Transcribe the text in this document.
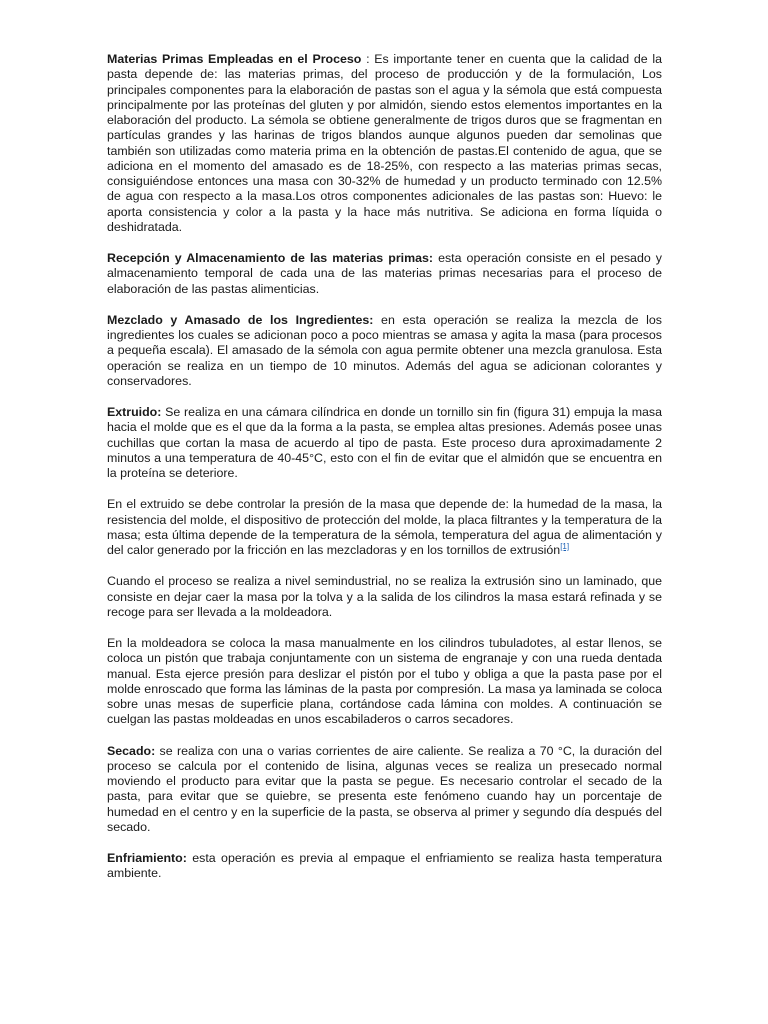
Materias Primas Empleadas en el Proceso : Es importante tener en cuenta que la calidad de la pasta depende de: las materias primas, del proceso de producción y de la formulación, Los principales componentes para la elaboración de pastas son el agua y la sémola que está compuesta principalmente por las proteínas del gluten y por almidón, siendo estos elementos importantes en la elaboración del producto. La sémola se obtiene generalmente de trigos duros que se fragmentan en partículas grandes y las harinas de trigos blandos aunque algunos pueden dar semolinas que también son utilizadas como materia prima en la obtención de pastas.El contenido de agua, que se adiciona en el momento del amasado es de 18-25%, con respecto a las materias primas secas, consiguiéndose entonces una masa con 30-32% de humedad y un producto terminado con 12.5% de agua con respecto a la masa.Los otros componentes adicionales de las pastas son: Huevo: le aporta consistencia y color a la pasta y la hace más nutritiva. Se adiciona en forma líquida o deshidratada.

Recepción y Almacenamiento de las materias primas: esta operación consiste en el pesado y almacenamiento temporal de cada una de las materias primas necesarias para el proceso de elaboración de las pastas alimenticias.

Mezclado y Amasado de los Ingredientes: en esta operación se realiza la mezcla de los ingredientes los cuales se adicionan poco a poco mientras se amasa y agita la masa (para procesos a pequeña escala). El amasado de la sémola con agua permite obtener una mezcla granulosa. Esta operación se realiza en un tiempo de 10 minutos. Además del agua se adicionan colorantes y conservadores.

Extruido: Se realiza en una cámara cilíndrica en donde un tornillo sin fin (figura 31) empuja la masa hacia el molde que es el que da la forma a la pasta, se emplea altas presiones. Además posee unas cuchillas que cortan la masa de acuerdo al tipo de pasta. Este proceso dura aproximadamente 2 minutos a una temperatura de 40-45°C, esto con el fin de evitar que el almidón que se encuentra en la proteína se deteriore.

En el extruido se debe controlar la presión de la masa que depende de: la humedad de la masa, la resistencia del molde, el dispositivo de protección del molde, la placa filtrantes y la temperatura de la masa; esta última depende de la temperatura de la sémola, temperatura del agua de alimentación y del calor generado por la fricción en las mezcladoras y en los tornillos de extrusión[1]

Cuando el proceso se realiza a nivel semindustrial, no se realiza la extrusión sino un laminado, que consiste en dejar caer la masa por la tolva y a la salida de los cilindros la masa estará refinada y se recoge para ser llevada a la moldeadora.

En la moldeadora se coloca la masa manualmente en los cilindros tubuladotes, al estar llenos, se coloca un pistón que trabaja conjuntamente con un sistema de engranaje y con una rueda dentada manual. Esta ejerce presión para deslizar el pistón por el tubo y obliga a que la pasta pase por el molde enroscado que forma las láminas de la pasta por compresión. La masa ya laminada se coloca sobre unas mesas de superficie plana, cortándose cada lámina con moldes. A continuación se cuelgan las pastas moldeadas en unos escabiladeros o carros secadores.

Secado: se realiza con una o varias corrientes de aire caliente. Se realiza a 70 °C, la duración del proceso se calcula por el contenido de lisina, algunas veces se realiza un presecado normal moviendo el producto para evitar que la pasta se pegue. Es necesario controlar el secado de la pasta, para evitar que se quiebre, se presenta este fenómeno cuando hay un porcentaje de humedad en el centro y en la superficie de la pasta, se observa al primer y segundo día después del secado.

Enfriamiento: esta operación es previa al empaque el enfriamiento se realiza hasta temperatura ambiente.
